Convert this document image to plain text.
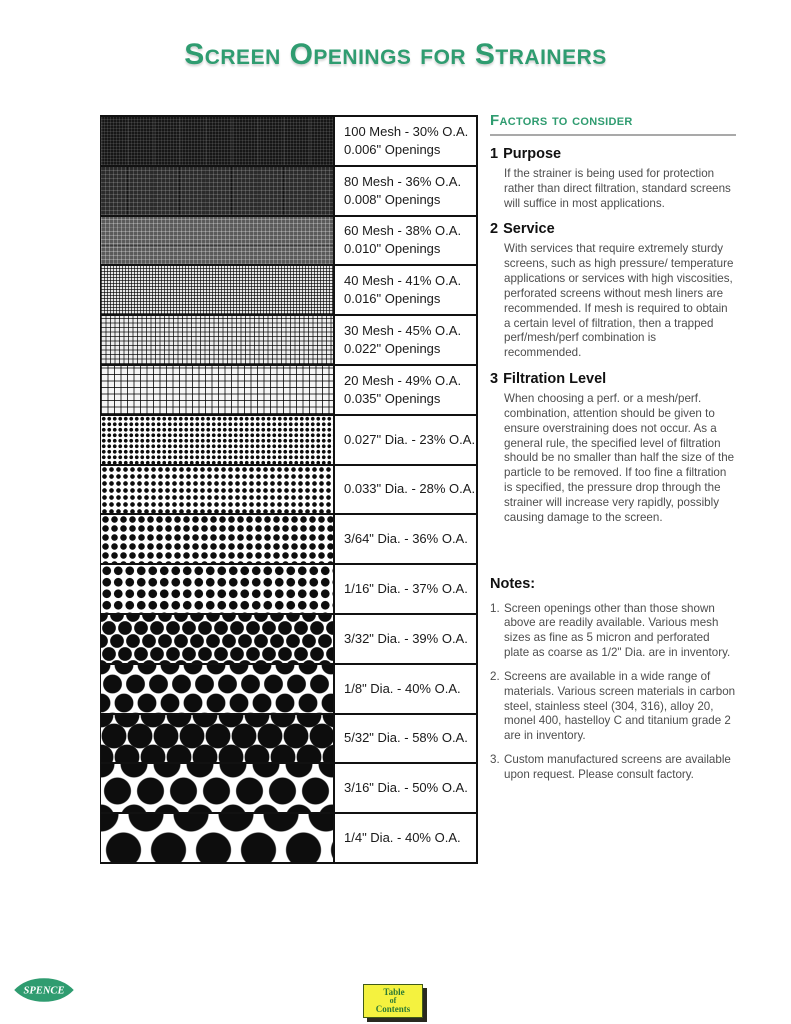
Screen Openings for Strainers
100 Mesh - 30% O.A.
0.006" Openings
80 Mesh - 36% O.A.
0.008" Openings
60 Mesh - 38% O.A.
0.010" Openings
40 Mesh - 41% O.A.
0.016" Openings
30 Mesh - 45% O.A.
0.022" Openings
20 Mesh - 49% O.A.
0.035" Openings
0.027" Dia. - 23% O.A.
0.033" Dia. - 28% O.A.
3/64" Dia. - 36% O.A.
1/16" Dia. - 37% O.A.
3/32" Dia. - 39% O.A.
1/8" Dia. - 40% O.A.
5/32" Dia. - 58% O.A.
3/16" Dia. - 50% O.A.
1/4" Dia. - 40% O.A.
Factors to consider
1 Purpose
If the strainer is being used for protection rather than direct filtration, standard screens will suffice in most applications.
2 Service
With services that require extremely sturdy screens, such as high pressure/ temperature applications or services with high viscosities, perforated screens without mesh liners are recommended. If mesh is required to obtain a certain level of filtration, then a trapped perf/mesh/perf combination is recommended.
3 Filtration Level
When choosing a perf. or a mesh/perf. combination, attention should be given to ensure overstraining does not occur. As a general rule, the specified level of filtration should be no smaller than half the size of the particle to be removed. If too fine a filtration is specified, the pressure drop through the strainer will increase very rapidly, possibly causing damage to the screen.
Notes:
1. Screen openings other than those shown above are readily available. Various mesh sizes as fine as 5 micron and perforated plate as coarse as 1/2" Dia. are in inventory.
2. Screens are available in a wide range of materials. Various screen materials in carbon steel, stainless steel (304, 316), alloy 20, monel 400, hastelloy C and titanium grade 2 are in inventory.
3. Custom manufactured screens are available upon request. Please consult factory.
SPENCE	Table
of
Contents
